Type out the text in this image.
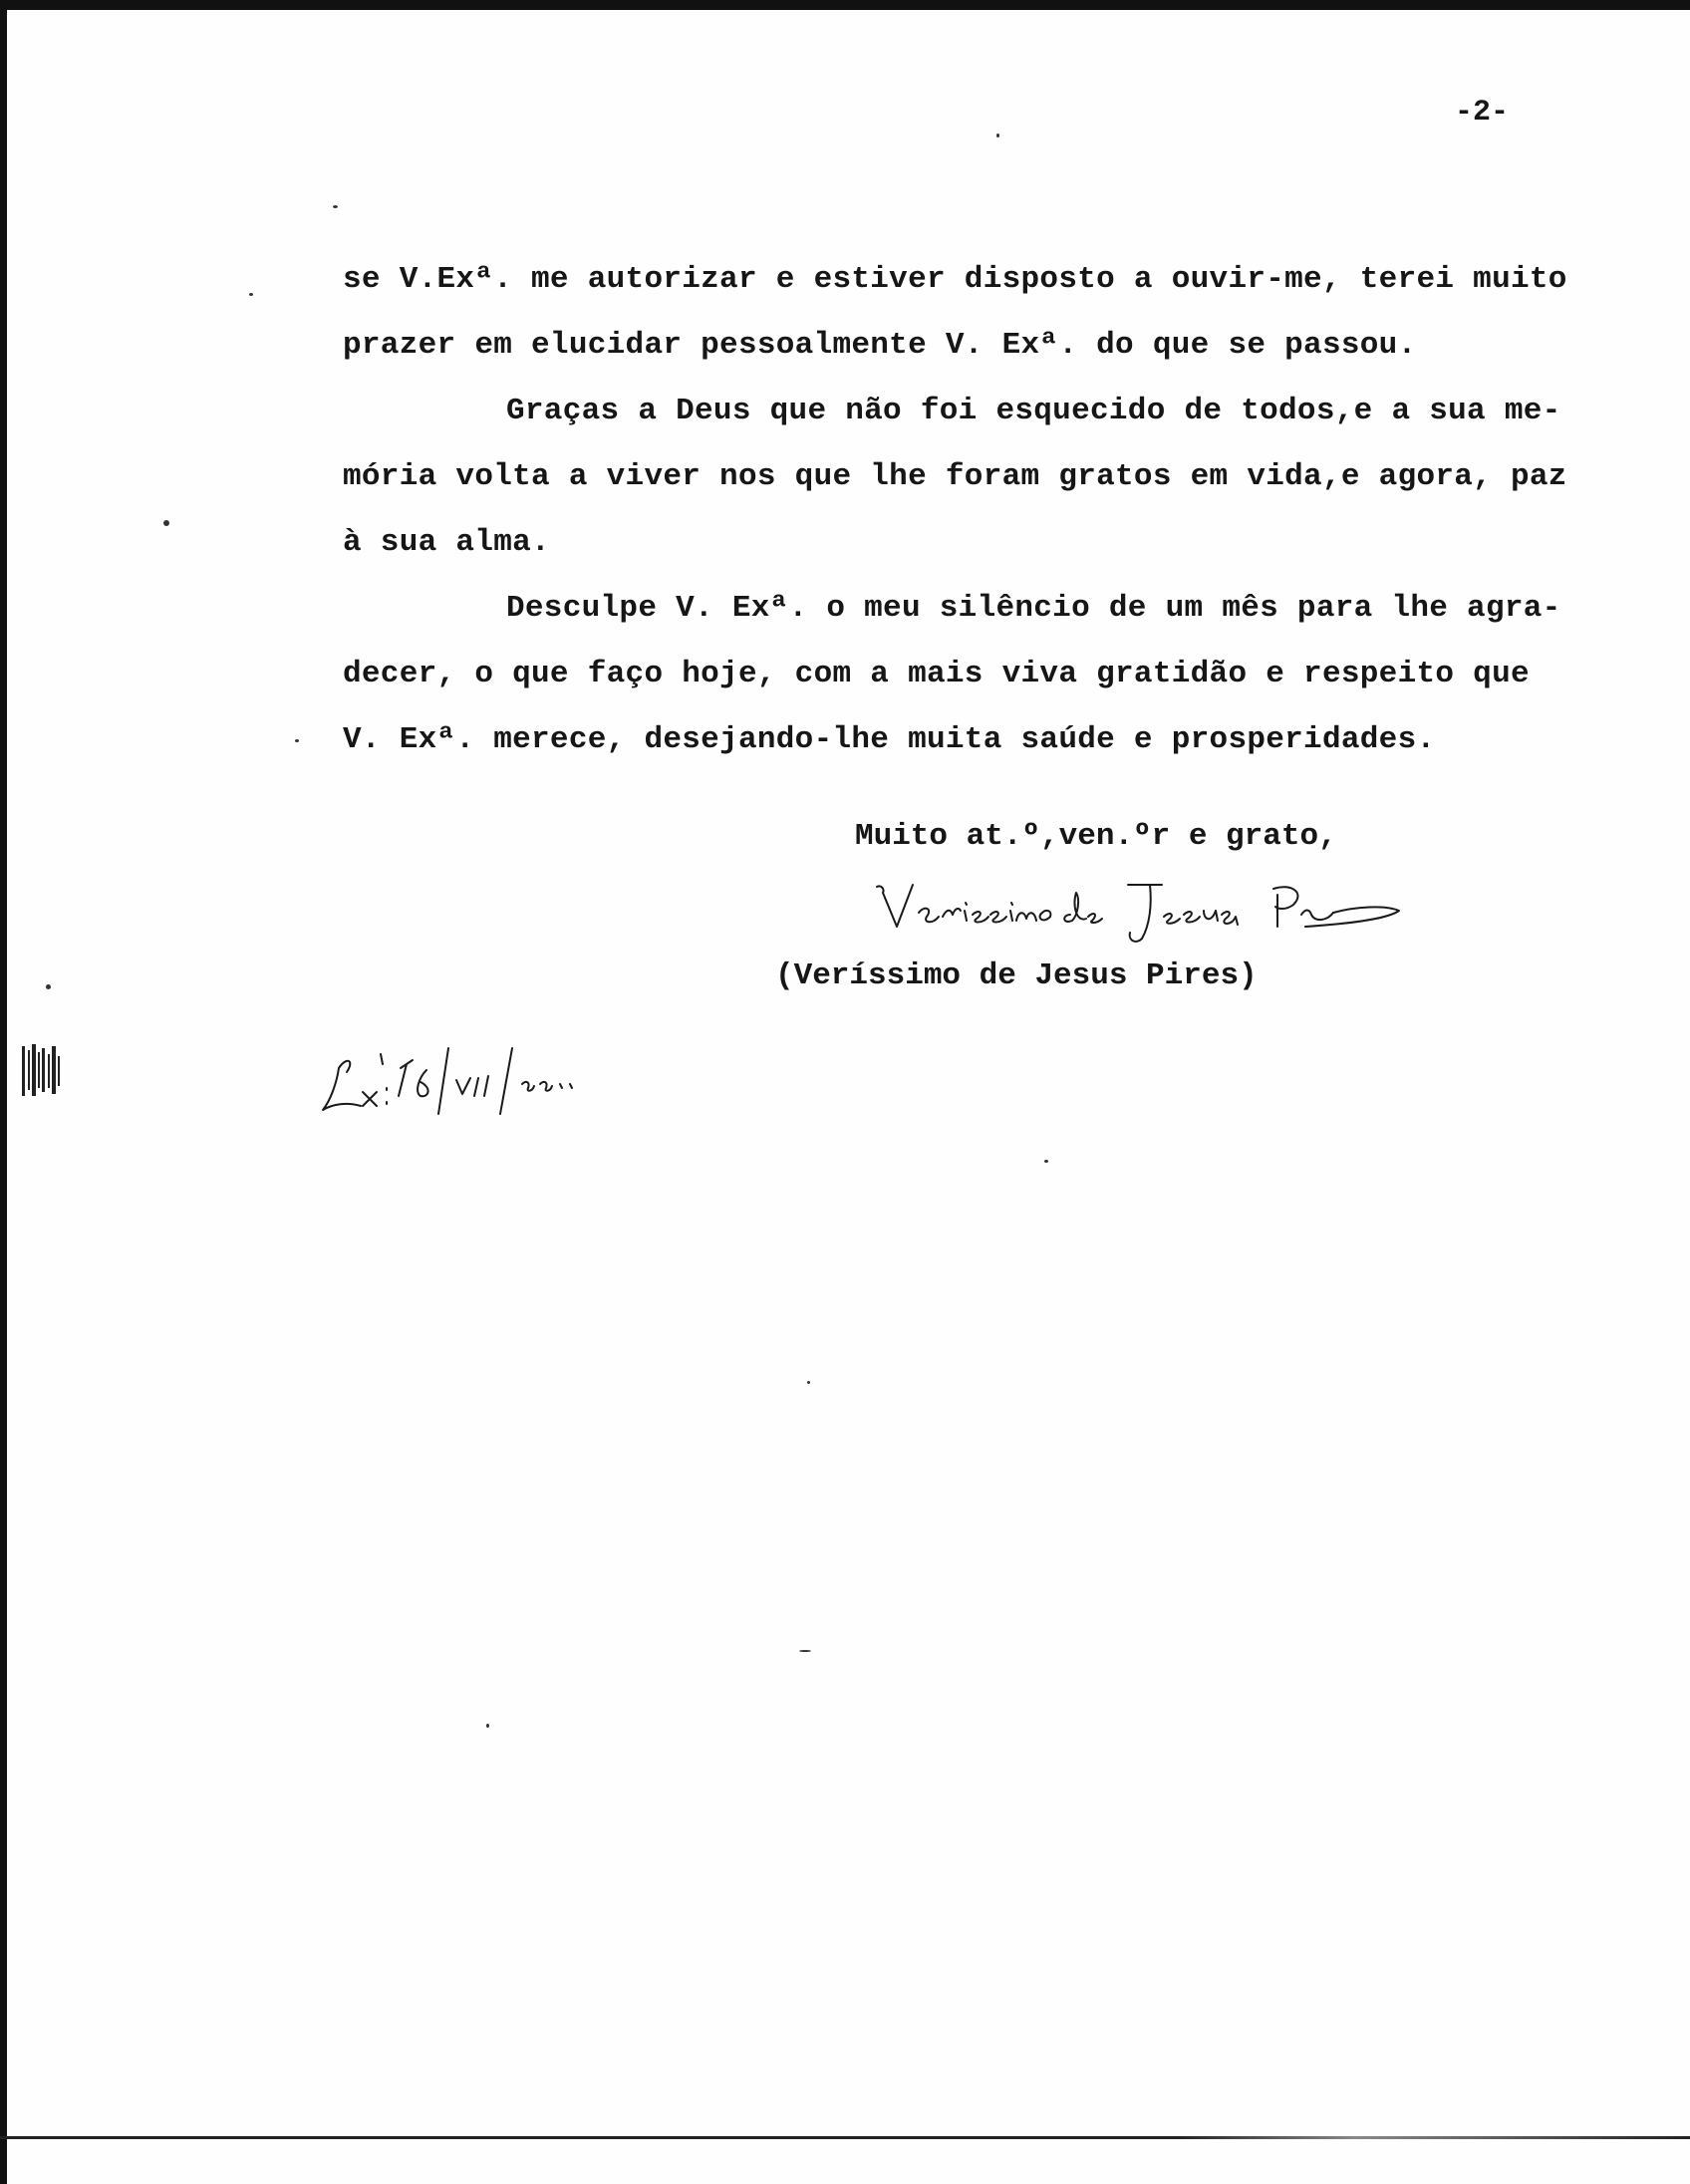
-2-
se V.Exª. me autorizar e estiver disposto a ouvir-me, terei muito
prazer em elucidar pessoalmente V. Exª. do que se passou.
Graças a Deus que não foi esquecido de todos,e a sua me-
mória volta a viver nos que lhe foram gratos em vida,e agora, paz
à sua alma.
Desculpe V. Exª. o meu silêncio de um mês para lhe agra-
decer, o que faço hoje, com a mais viva gratidão e respeito que
V. Exª. merece, desejando-lhe muita saúde e prosperidades.
Muito at.º,ven.ºr e grato,
(Veríssimo de Jesus Pires)
